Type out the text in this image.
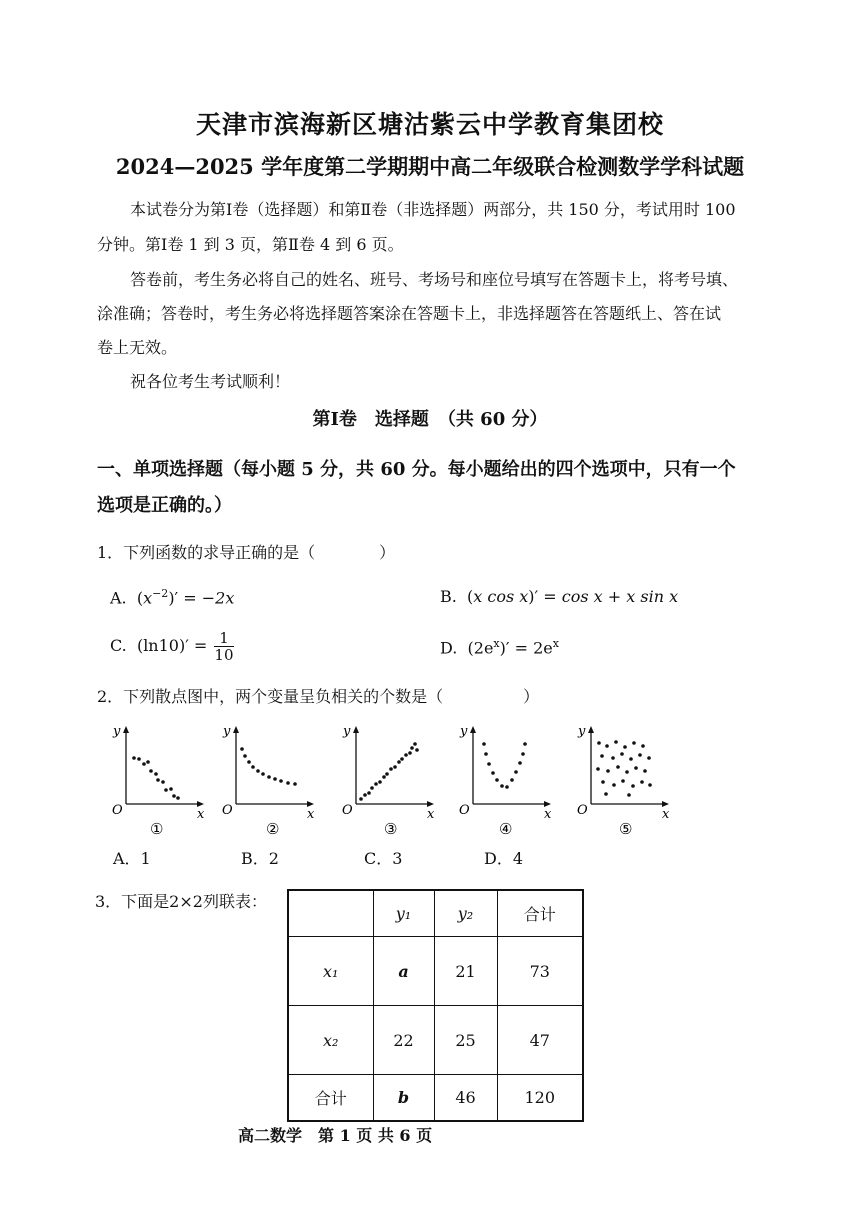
天津市滨海新区塘沽紫云中学教育集团校
2024—2025 学年度第二学期期中高二年级联合检测数学学科试题
本试卷分为第Ⅰ卷（选择题）和第Ⅱ卷（非选择题）两部分，共 150 分，考试用时 100
分钟。第Ⅰ卷 1 到 3 页，第Ⅱ卷 4 到 6 页。
答卷前，考生务必将自己的姓名、班号、考场号和座位号填写在答题卡上，将考号填、
涂准确；答卷时，考生务必将选择题答案涂在答题卡上，非选择题答在答题纸上、答在试
卷上无效。
祝各位考生考试顺利！
第Ⅰ卷　选择题　（共 60 分）
一、单项选择题（每小题 5 分，共 60 分。每小题给出的四个选项中，只有一个
选项是正确的。）
1．下列函数的求导正确的是（　　　　）
A.  $(x^{-2})' = -2x$	B.  (x cos x)′ = cos x + x sin x
C.  $(\ln 10)' = \frac{1}{10}$	D.  $(2e^x)' = 2e^x$
2．下列散点图中，两个变量呈负相关的个数是（　　　　　）
y
x
O
①
y
x
O
②
y
x
O
③
y
x
O
④
y
x
O
⑤
A．1	B．2	C．3	D．4
3．下面是2×2列联表：
	y₁	y₂	合计
x₁	a	21	73
x₂	22	25	47
合计	b	46	120
高二数学　第 1 页 共 6 页
